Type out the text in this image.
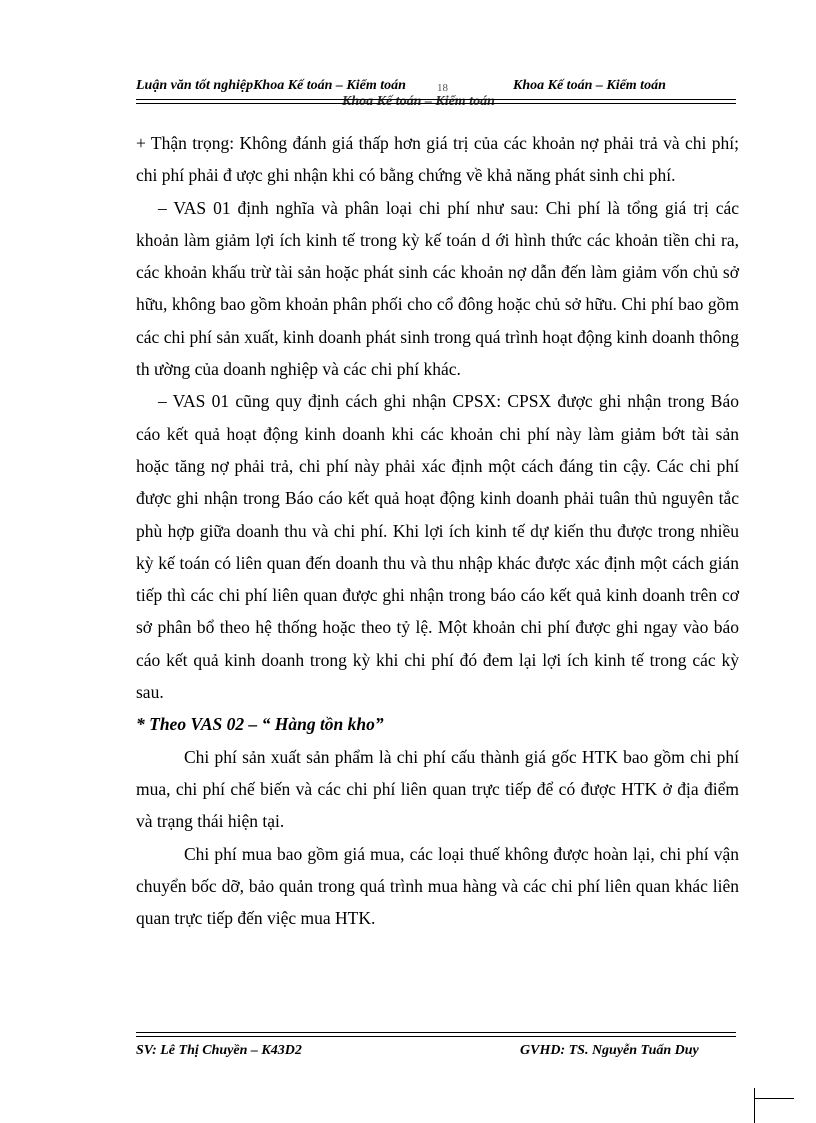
Luận văn tốt nghiệpKhoa Kế toán – Kiểm toán	Khoa Kế toán – Kiểm toán
18
Khoa Kế toán – Kiểm toán

+ Thận trọng: Không đánh giá thấp hơn giá trị của các khoản nợ phải trả và chi phí; chi phí phải đ ược ghi nhận khi có bằng chứng về khả năng phát sinh chi phí.

– VAS 01 định nghĩa và phân loại chi phí như sau: Chi phí là tổng giá trị các khoản làm giảm lợi ích kinh tế trong kỳ kế toán d ới hình thức các khoản tiền chi ra, các khoản khấu trừ tài sản hoặc phát sinh các khoản nợ dẫn đến làm giảm vốn chủ sở hữu, không bao gồm khoản phân phối cho cổ đông hoặc chủ sở hữu. Chi phí bao gồm các chi phí sản xuất, kinh doanh phát sinh trong quá trình hoạt động kinh doanh thông th ường của doanh nghiệp và các chi phí khác.

– VAS 01 cũng quy định cách ghi nhận CPSX: CPSX được ghi nhận trong Báo cáo kết quả hoạt động kinh doanh khi các khoản chi phí này làm giảm bớt tài sản hoặc tăng nợ phải trả, chi phí này phải xác định một cách đáng tin cậy. Các chi phí được ghi nhận trong Báo cáo kết quả hoạt động kinh doanh phải tuân thủ nguyên tắc phù hợp giữa doanh thu và chi phí. Khi lợi ích kinh tế dự kiến thu được trong nhiều kỳ kế toán có liên quan đến doanh thu và thu nhập khác được xác định một cách gián tiếp thì các chi phí liên quan được ghi nhận trong báo cáo kết quả kinh doanh trên cơ sở phân bổ theo hệ thống hoặc theo tỷ lệ. Một khoản chi phí được ghi ngay vào báo cáo kết quả kinh doanh trong kỳ khi chi phí đó đem lại lợi ích kinh tế trong các kỳ sau.

* Theo VAS 02 – “ Hàng tồn kho”

Chi phí sản xuất sản phẩm là chi phí cấu thành giá gốc HTK bao gồm chi phí mua, chi phí chế biến và các chi phí liên quan trực tiếp để có được HTK ở địa điểm và trạng thái hiện tại.

Chi phí mua bao gồm giá mua, các loại thuế không được hoàn lại, chi phí vận chuyển bốc dỡ, bảo quản trong quá trình mua hàng và các chi phí liên quan khác liên quan trực tiếp đến việc mua HTK.

SV: Lê Thị Chuyền – K43D2	GVHD: TS. Nguyễn Tuấn Duy
